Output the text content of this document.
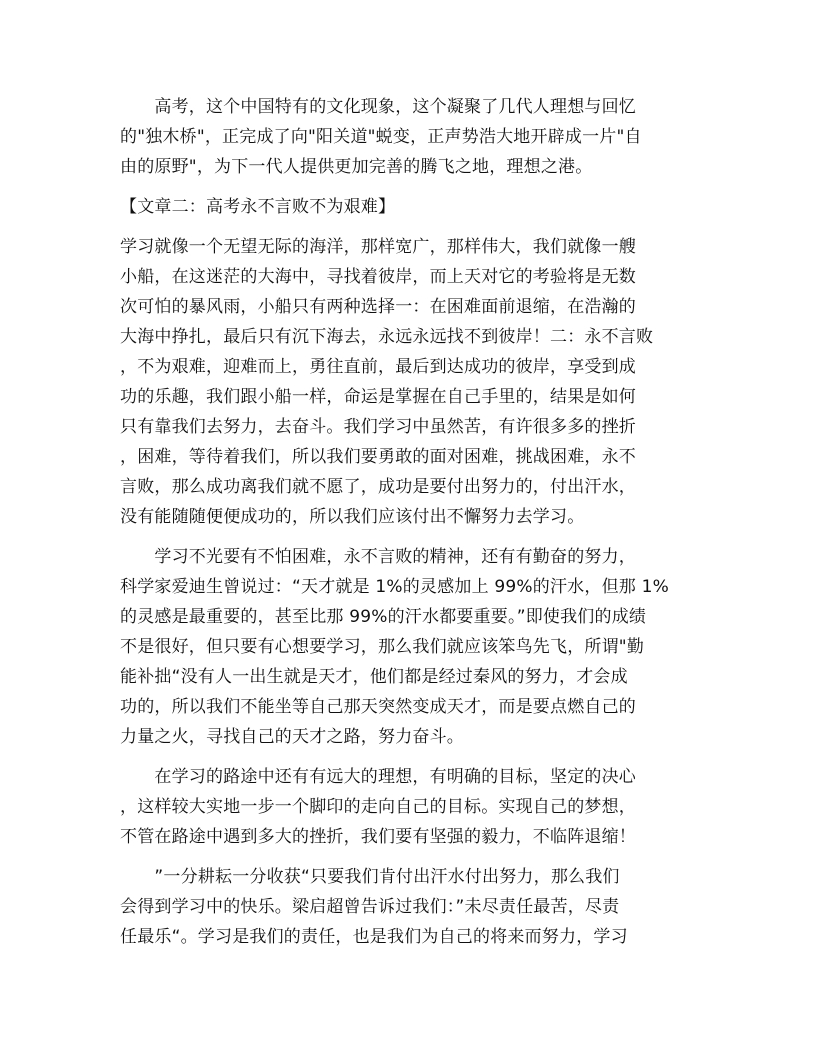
　　高考，这个中国特有的文化现象，这个凝聚了几代人理想与回忆
的"独木桥"，正完成了向"阳关道"蜕变，正声势浩大地开辟成一片"自
由的原野"，为下一代人提供更加完善的腾飞之地，理想之港。
【文章二：高考永不言败不为艰难】
学习就像一个无望无际的海洋，那样宽广，那样伟大，我们就像一艘
小船，在这迷茫的大海中，寻找着彼岸，而上天对它的考验将是无数
次可怕的暴风雨，小船只有两种选择一：在困难面前退缩，在浩瀚的
大海中挣扎，最后只有沉下海去，永远永远找不到彼岸！二：永不言败
，不为艰难，迎难而上，勇往直前，最后到达成功的彼岸，享受到成
功的乐趣，我们跟小船一样，命运是掌握在自己手里的，结果是如何
只有靠我们去努力，去奋斗。我们学习中虽然苦，有许很多多的挫折
，困难，等待着我们，所以我们要勇敢的面对困难，挑战困难，永不
言败，那么成功离我们就不愿了，成功是要付出努力的，付出汗水，
没有能随随便便成功的，所以我们应该付出不懈努力去学习。
　　学习不光要有不怕困难，永不言败的精神，还有有勤奋的努力，
科学家爱迪生曾说过：“天才就是 1%的灵感加上 99%的汗水，但那 1%
的灵感是最重要的，甚至比那 99%的汗水都要重要。”即使我们的成绩
不是很好，但只要有心想要学习，那么我们就应该笨鸟先飞，所谓"勤
能补拙“没有人一出生就是天才，他们都是经过秦风的努力，才会成
功的，所以我们不能坐等自己那天突然变成天才，而是要点燃自己的
力量之火，寻找自己的天才之路，努力奋斗。
　　在学习的路途中还有有远大的理想，有明确的目标，坚定的决心
，这样较大实地一步一个脚印的走向自己的目标。实现自己的梦想，
不管在路途中遇到多大的挫折，我们要有坚强的毅力，不临阵退缩！
　　”一分耕耘一分收获“只要我们肯付出汗水付出努力，那么我们
会得到学习中的快乐。梁启超曾告诉过我们：”未尽责任最苦，尽责
任最乐“。学习是我们的责任，也是我们为自己的将来而努力，学习
